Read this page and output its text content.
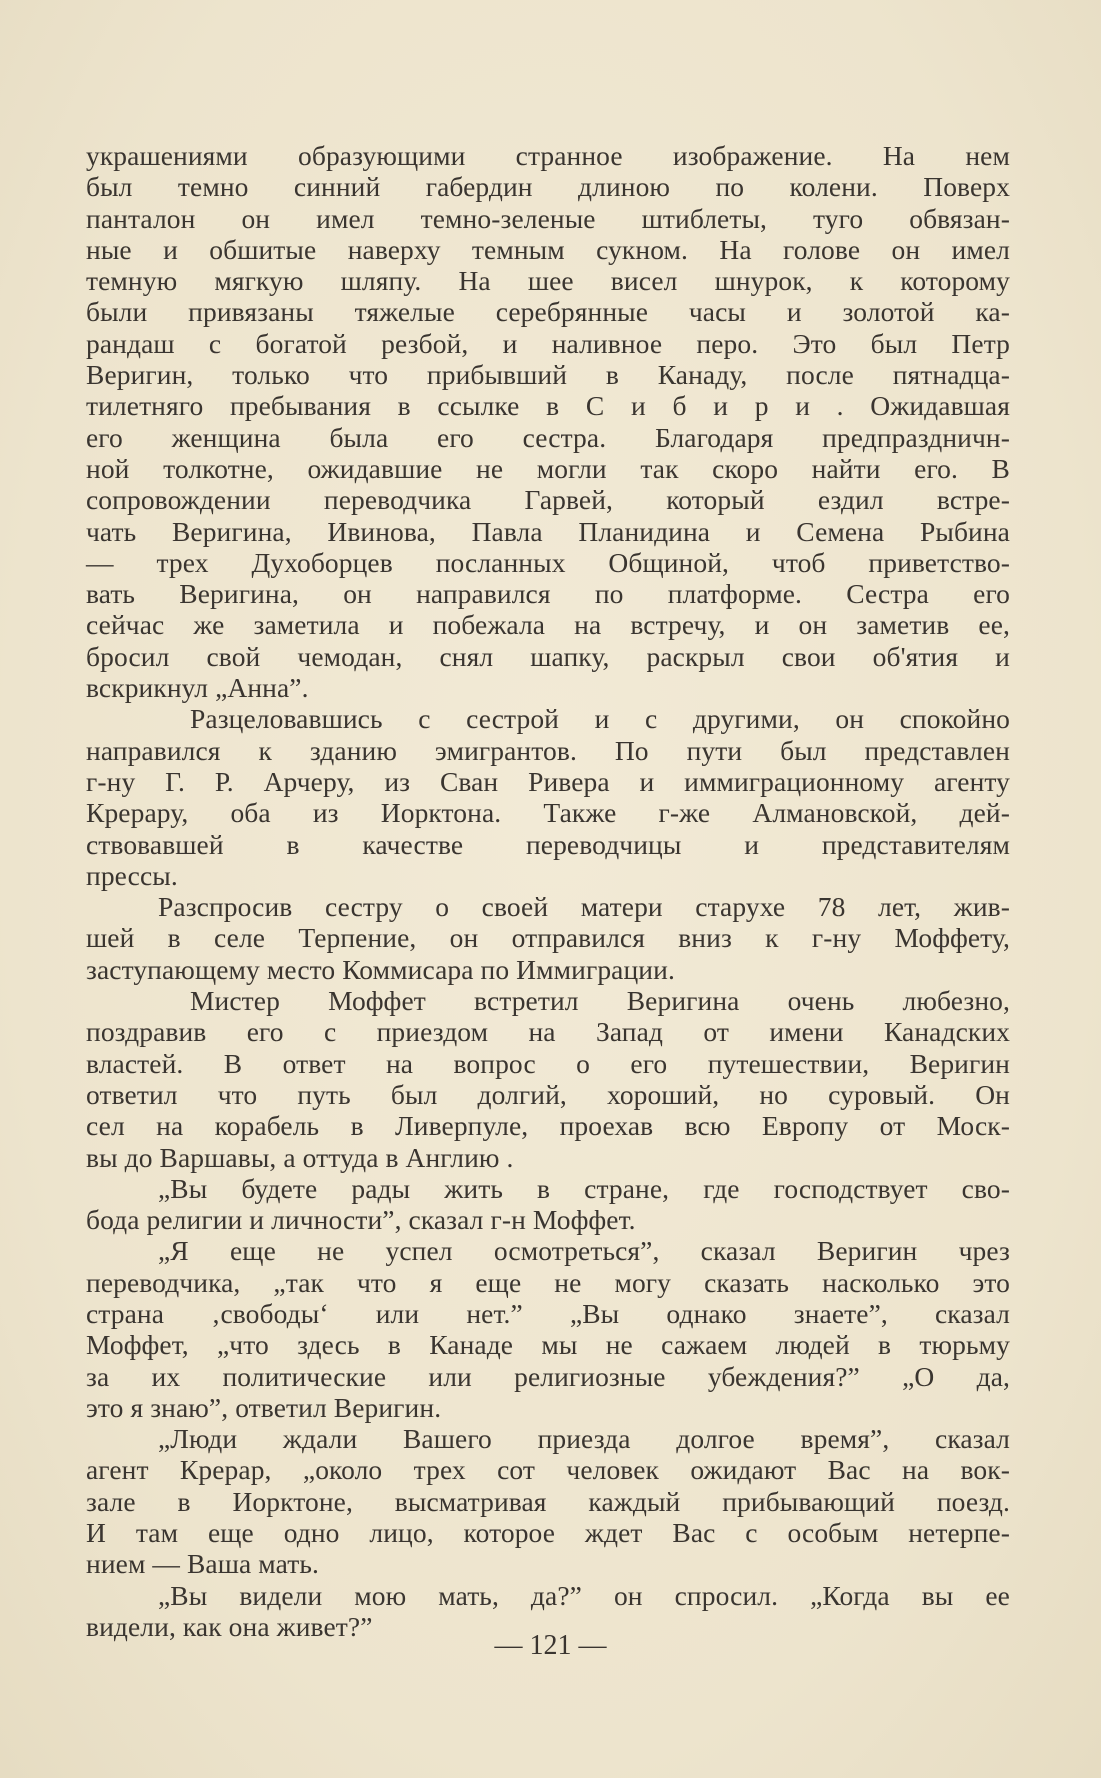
украшениями образующими странное изображение. На нем
был темно синний габердин длиною по колени. Поверх
панталон он имел темно-зеленые штиблеты, туго обвязан-
ные и обшитые наверху темным сукном. На голове он имел
темную мягкую шляпу. На шее висел шнурок, к которому
были привязаны тяжелые серебрянные часы и золотой ка-
рандаш с богатой резбой, и наливное перо. Это был Петр
Веригин, только что прибывший в Канаду, после пятнадца-
тилетняго пребывания в ссылке в С и б и р и . Ожидавшая
его женщина была его сестра. Благодаря предпраздничн-
ной толкотне, ожидавшие не могли так скоро найти его. В
сопровождении переводчика Гарвей, который ездил встре-
чать Веригина, Ивинова, Павла Планидина и Семена Рыбина
— трех Духоборцев посланных Общиной, чтоб приветство-
вать Веригина, он направился по платформе. Сестра его
сейчас же заметила и побежала на встречу, и он заметив ее,
бросил свой чемодан, снял шапку, раскрыл свои об'ятия и
вскрикнул „Анна”.
Разцеловавшись с сестрой и с другими, он спокойно
направился к зданию эмигрантов. По пути был представлен
г-ну Г. Р. Арчеру, из Сван Ривера и иммиграционному агенту
Крерару, оба из Иорктона. Также г-же Алмановской, дей-
ствовавшей в качестве переводчицы и представителям
прессы.
Разспросив сестру о своей матери старухе 78 лет, жив-
шей в селе Терпение, он отправился вниз к г-ну Моффету,
заступающему место Коммисара по Иммиграции.
Мистер Моффет встретил Веригина очень любезно,
поздравив его с приездом на Запад от имени Канадских
властей. В ответ на вопрос о его путешествии, Веригин
ответил что путь был долгий, хороший, но суровый. Он
сел на корабель в Ливерпуле, проехав всю Европу от Моск-
вы до Варшавы, а оттуда в Англию .
„Вы будете рады жить в стране, где господствует сво-
бода религии и личности”, сказал г-н Моффет.
„Я еще не успел осмотреться”, сказал Веригин чрез
переводчика, „так что я еще не могу сказать насколько это
страна ‚свободы‘ или нет.” „Вы однако знаете”, сказал
Моффет, „что здесь в Канаде мы не сажаем людей в тюрьму
за их политические или религиозные убеждения?” „О да,
это я знаю”, ответил Веригин.
„Люди ждали Вашего приезда долгое время”, сказал
агент Крерар, „около трех сот человек ожидают Вас на вок-
зале в Иорктоне, высматривая каждый прибывающий поезд.
И там еще одно лицо, которое ждет Вас с особым нетерпе-
нием — Ваша мать.
„Вы видели мою мать, да?” он спросил. „Когда вы ее
видели, как она живет?”
— 121 —
